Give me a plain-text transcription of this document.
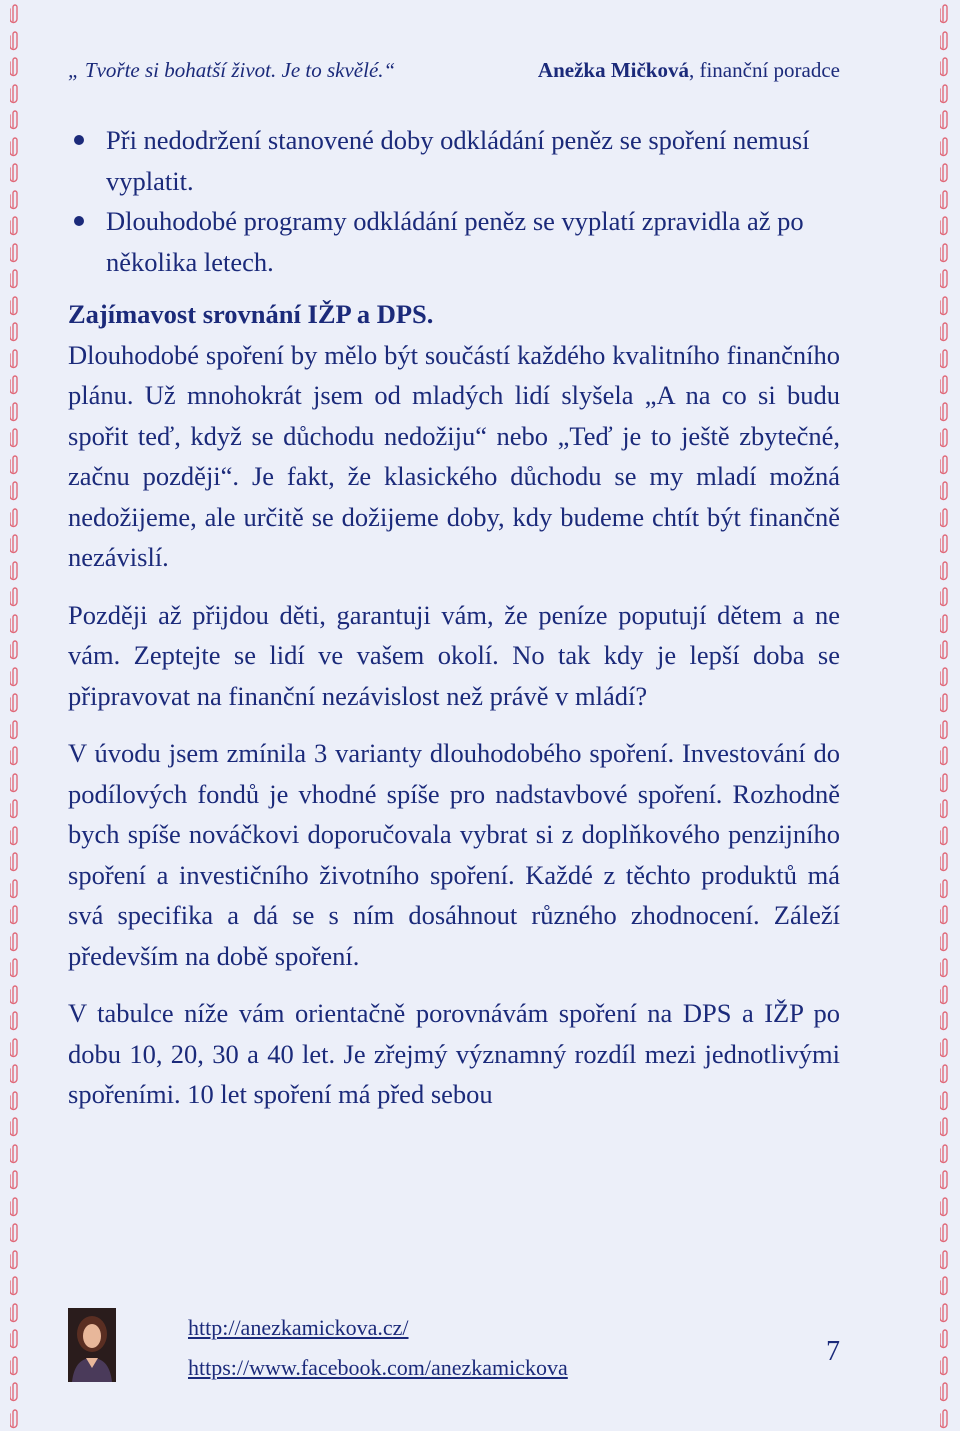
„ Tvořte si bohatší život. Je to skvělé.“	Anežka Mičková, finanční poradce
Při nedodržení stanovené doby odkládání peněz se spoření nemusí vyplatit.
Dlouhodobé programy odkládání peněz se vyplatí zpravidla až po několika letech.
Zajímavost srovnání IŽP a DPS.

Dlouhodobé spoření by mělo být součástí každého kvalitního finančního plánu. Už mnohokrát jsem od mladých lidí slyšela „A na co si budu spořit teď, když se důchodu nedožiju“ nebo „Teď je to ještě zbytečné, začnu později“. Je fakt, že klasického důchodu se my mladí možná nedožijeme, ale určitě se dožijeme doby, kdy budeme chtít být finančně nezávislí.

Později až přijdou děti, garantuji vám, že peníze poputují dětem a ne vám. Zeptejte se lidí ve vašem okolí. No tak kdy je lepší doba se připravovat na finanční nezávislost než právě v mládí?

V úvodu jsem zmínila 3 varianty dlouhodobého spoření. Investování do podílových fondů je vhodné spíše pro nadstavbové spoření. Rozhodně bych spíše nováčkovi doporučovala vybrat si z doplňkového penzijního spoření a investičního životního spoření. Každé z těchto produktů má svá specifika a dá se s ním dosáhnout různého zhodnocení. Záleží především na době spoření.

V tabulce níže vám orientačně porovnávám spoření na DPS a IŽP po dobu 10, 20, 30 a 40 let. Je zřejmý významný rozdíl mezi jednotlivými spořeními. 10 let spoření má před sebou

http://anezkamickova.cz/
https://www.facebook.com/anezkamickova
7
